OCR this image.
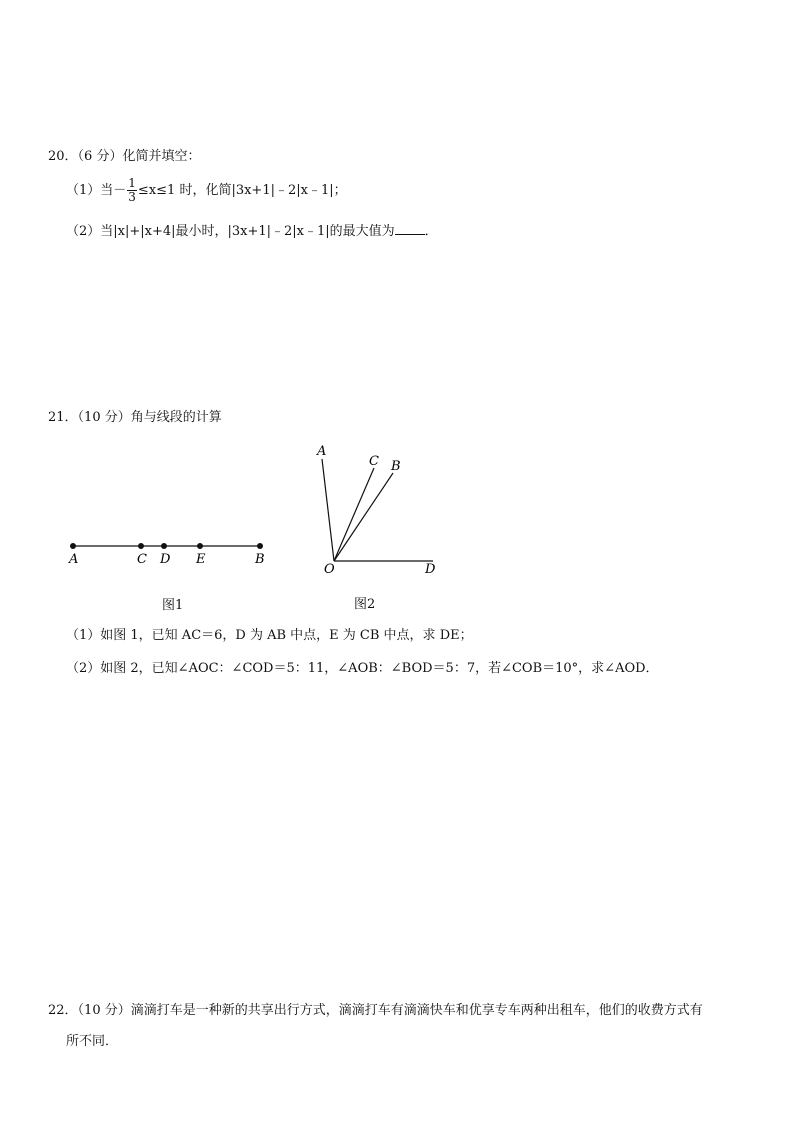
20．（6 分）化简并填空：
（1）当－ $\frac{1}{3} \le x\le 1$ 时，化简|3x+1|﹣2|x﹣1|；
（2）当|x|+|x+4|最小时，|3x+1|﹣2|x﹣1|的最大值为 ．
21．（10 分）角与线段的计算
A	C D E	B
A
C B
O	D
图1	图2
（1）如图 1，已知 AC＝6，D 为 AB 中点，E 为 CB 中点，求 DE；
（2）如图 2，已知∠AOC：∠COD＝5：11，∠AOB：∠BOD＝5：7，若∠COB＝10°，求∠AOD．
22．（10 分）滴滴打车是一种新的共享出行方式，滴滴打车有滴滴快车和优享专车两种出租车，他们的收费方式有
所不同．
